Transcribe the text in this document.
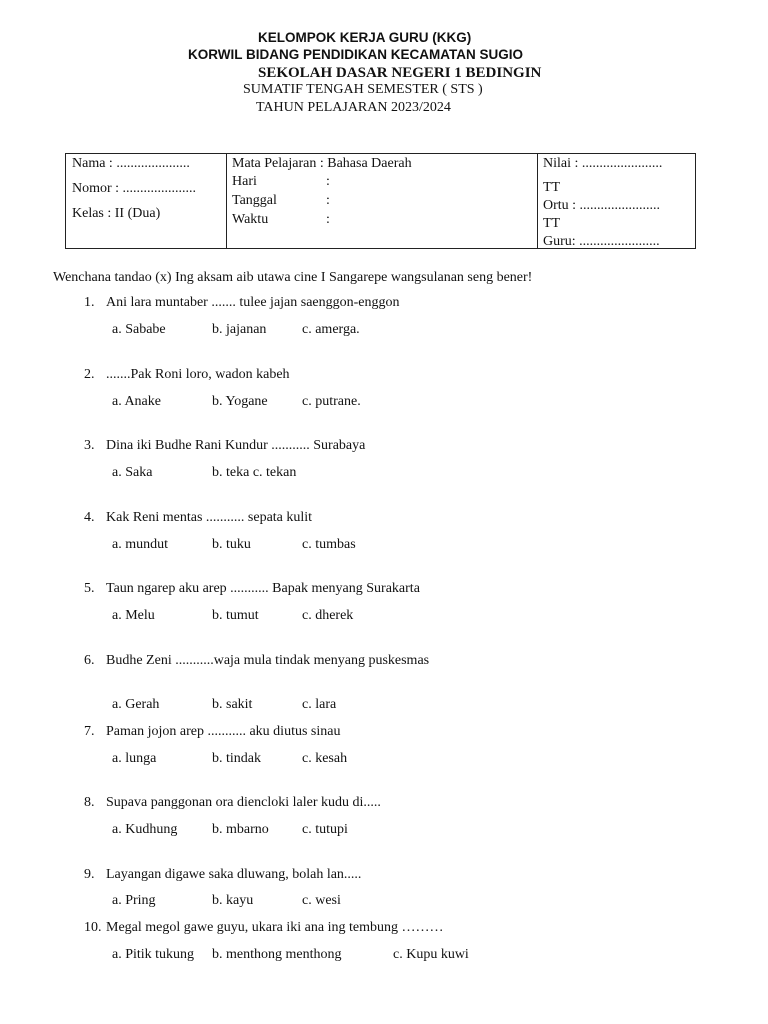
KELOMPOK KERJA GURU (KKG)
KORWIL BIDANG PENDIDIKAN KECAMATAN SUGIO
SEKOLAH DASAR NEGERI 1 BEDINGIN
SUMATIF TENGAH SEMESTER ( STS )
TAHUN PELAJARAN 2023/2024
Nama : .....................
Nomor : .....................
Kelas : II (Dua)
Mata Pelajaran : Bahasa Daerah
Hari	:
Tanggal	:
Waktu	:
Nilai : .......................
TT
Ortu : .......................
TT
Guru: .......................
Wenchana tandao (x) Ing aksam aib utawa cine I Sangarepe wangsulanan seng bener!
1. Ani lara muntaber ....... tulee jajan saenggon-enggon
a. Sababe	b. jajanan	c. amerga.
2. .......Pak Roni loro, wadon kabeh
a. Anake	b. Yogane c. putrane.
3. Dina iki Budhe Rani Kundur ........... Surabaya
a. Saka	b. teka c. tekan
4. Kak Reni mentas ........... sepata kulit
a. mundut	b. tuku	c. tumbas
5. Taun ngarep aku arep ........... Bapak menyang Surakarta
a. Melu	b. tumut	c. dherek
6. Budhe Zeni ...........waja mula tindak menyang puskesmas
a. Gerah	b. sakit	c. lara
7. Paman jojon arep ........... aku diutus sinau
a. lunga	b. tindak	c. kesah
8. Supava panggonan ora diencloki laler kudu di.....
a. Kudhung b. mbarno c. tutupi
9. Layangan digawe saka dluwang, bolah lan.....
a. Pring	b. kayu	c. wesi
10. Megal megol gawe guyu, ukara iki ana ing tembung ………
a. Pitik tukung b. menthong menthong	c. Kupu kuwi
